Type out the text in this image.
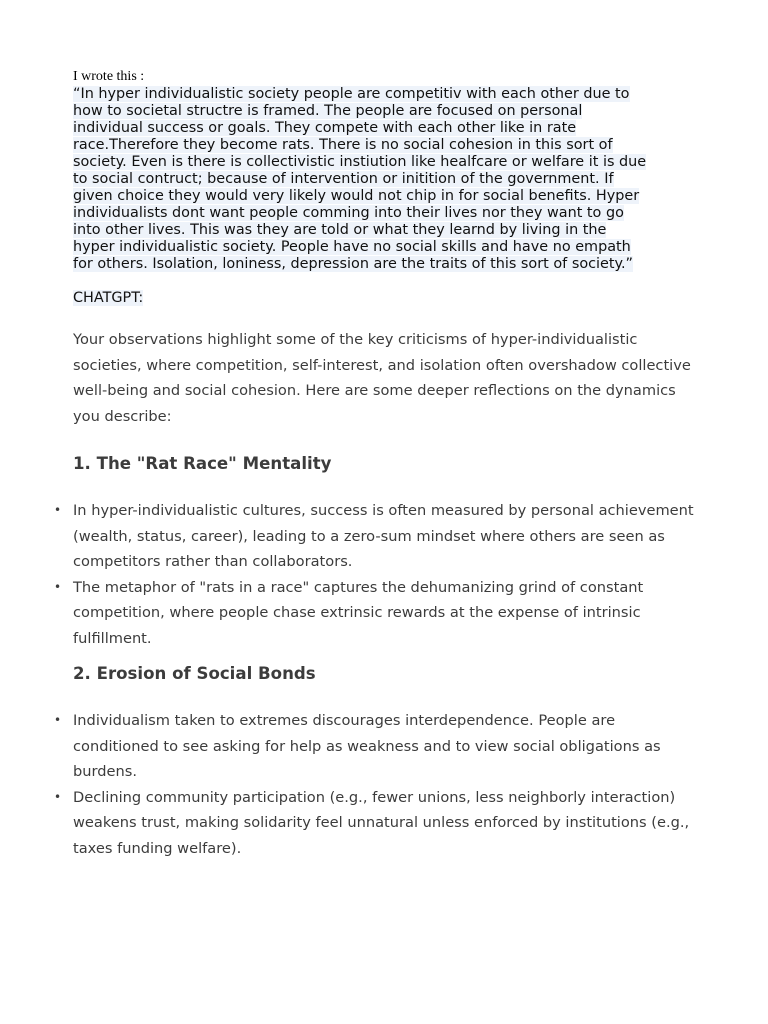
I wrote this :

“In hyper individualistic society people are competitiv with each other due to
how to societal structre is framed. The people are focused on personal
individual success or goals. They compete with each other like in rate
race.Therefore they become rats. There is no social cohesion in this sort of
society. Even is there is collectivistic instiution like healfcare or welfare it is due
to social contruct; because of intervention or initition of the government. If
given choice they would very likely would not chip in for social benefits. Hyper
individualists dont want people comming into their lives nor they want to go
into other lives. This was they are told or what they learnd by living in the
hyper individualistic society. People have no social skills and have no empath
for others. Isolation, loniness, depression are the traits of this sort of society.”

CHATGPT:

Your observations highlight some of the key criticisms of hyper-individualistic societies, where competition, self-interest, and isolation often overshadow collective well-being and social cohesion. Here are some deeper reflections on the dynamics you describe:

1. The "Rat Race" Mentality
• In hyper-individualistic cultures, success is often measured by personal achievement (wealth, status, career), leading to a zero-sum mindset where others are seen as competitors rather than collaborators.
• The metaphor of "rats in a race" captures the dehumanizing grind of constant competition, where people chase extrinsic rewards at the expense of intrinsic fulfillment.
2. Erosion of Social Bonds
• Individualism taken to extremes discourages interdependence. People are conditioned to see asking for help as weakness and to view social obligations as burdens.
• Declining community participation (e.g., fewer unions, less neighborly interaction) weakens trust, making solidarity feel unnatural unless enforced by institutions (e.g., taxes funding welfare).
